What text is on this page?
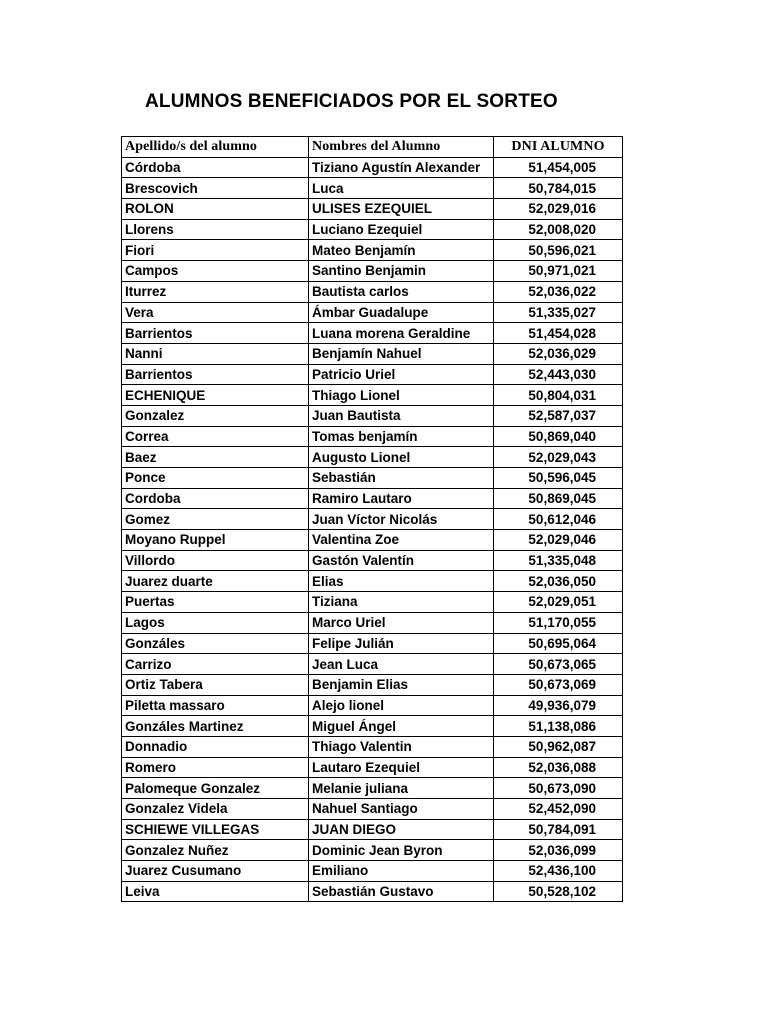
ALUMNOS BENEFICIADOS POR EL SORTEO
Apellido/s del alumno	Nombres del Alumno	DNI ALUMNO
Córdoba	Tiziano Agustín Alexander	51,454,005
Brescovich	Luca	50,784,015
ROLON	ULISES EZEQUIEL	52,029,016
Llorens	Luciano Ezequiel	52,008,020
Fiori	Mateo Benjamín	50,596,021
Campos	Santino Benjamin	50,971,021
Iturrez	Bautista carlos	52,036,022
Vera	Ámbar Guadalupe	51,335,027
Barrientos	Luana morena Geraldine	51,454,028
Nanni	Benjamín Nahuel	52,036,029
Barrientos	Patricio Uriel	52,443,030
ECHENIQUE	Thiago Lionel	50,804,031
Gonzalez	Juan Bautista	52,587,037
Correa	Tomas benjamín	50,869,040
Baez	Augusto Lionel	52,029,043
Ponce	Sebastián	50,596,045
Cordoba	Ramiro Lautaro	50,869,045
Gomez	Juan Víctor Nicolás	50,612,046
Moyano Ruppel	Valentina Zoe	52,029,046
Villordo	Gastón Valentín	51,335,048
Juarez duarte	Elias	52,036,050
Puertas	Tiziana	52,029,051
Lagos	Marco Uriel	51,170,055
Gonzáles	Felipe Julián	50,695,064
Carrizo	Jean Luca	50,673,065
Ortiz Tabera	Benjamin Elias	50,673,069
Piletta massaro	Alejo lionel	49,936,079
Gonzáles Martinez	Miguel Ángel	51,138,086
Donnadio	Thiago Valentin	50,962,087
Romero	Lautaro Ezequiel	52,036,088
Palomeque Gonzalez	Melanie juliana	50,673,090
Gonzalez Videla	Nahuel Santiago	52,452,090
SCHIEWE VILLEGAS	JUAN DIEGO	50,784,091
Gonzalez Nuñez	Dominic Jean Byron	52,036,099
Juarez Cusumano	Emiliano	52,436,100
Leiva	Sebastián Gustavo	50,528,102
